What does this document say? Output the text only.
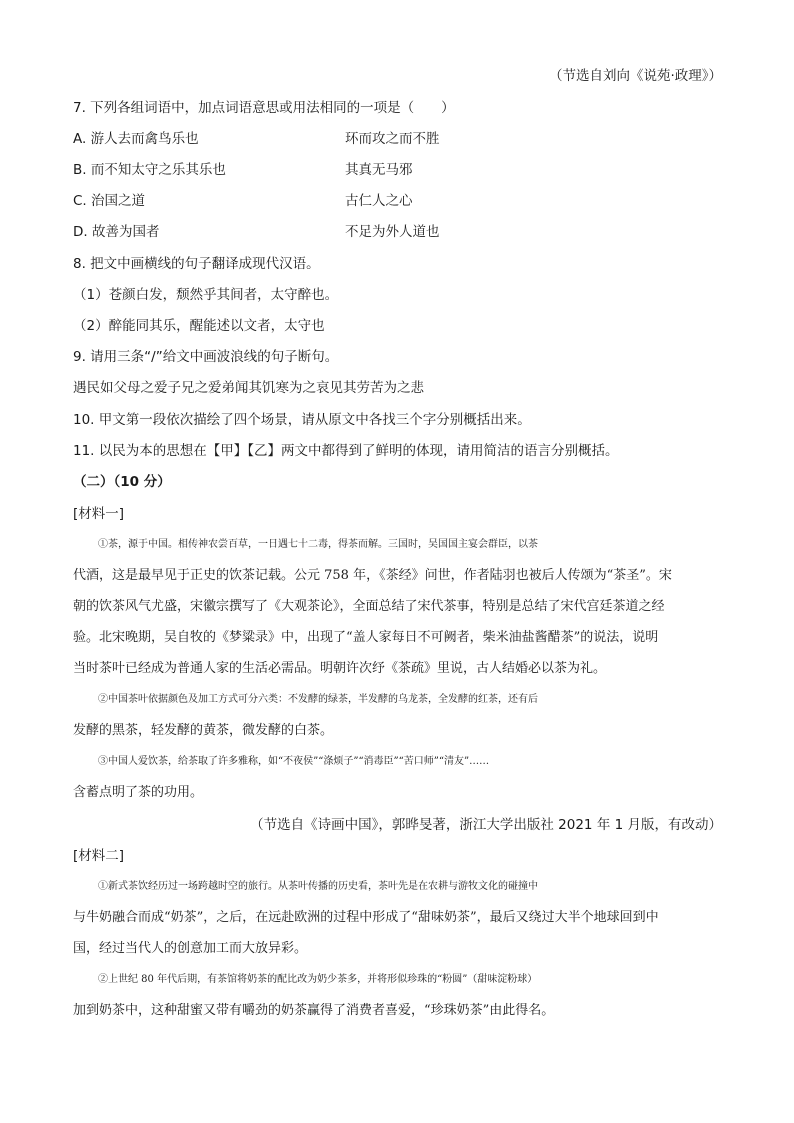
（节选自刘向《说苑·政理》）
7. 下列各组词语中，加点词语意思或用法相同的一项是（　　）
A. 游人去而禽鸟乐也	环而攻之而不胜
B. 而不知太守之乐其乐也	其真无马邪
C. 治国之道	古仁人之心
D. 故善为国者	不足为外人道也
8. 把文中画横线的句子翻译成现代汉语。
（1）苍颜白发，颓然乎其间者，太守醉也。
（2）醉能同其乐，醒能述以文者，太守也
9. 请用三条“/”给文中画波浪线的句子断句。
遇民如父母之爱子兄之爱弟闻其饥寒为之哀见其劳苦为之悲
10. 甲文第一段依次描绘了四个场景，请从原文中各找三个字分别概括出来。
11. 以民为本的思想在【甲】【乙】两文中都得到了鲜明的体现，请用简洁的语言分别概括。
（二）（10 分）
[材料一]
①茶，源于中国。相传神农尝百草，一日遇七十二毒，得茶而解。三国时，吴国国主宴会群臣，以茶
代酒，这是最早见于正史的饮茶记载。公元 758 年，《茶经》问世，作者陆羽也被后人传颂为“茶圣”。宋
朝的饮茶风气尤盛，宋徽宗撰写了《大观茶论》，全面总结了宋代茶事，特别是总结了宋代宫廷茶道之经
验。北宋晚期，吴自牧的《梦粱录》中，出现了“盖人家每日不可阙者，柴米油盐酱醋茶”的说法，说明
当时茶叶已经成为普通人家的生活必需品。明朝许次纾《茶疏》里说，古人结婚必以茶为礼。
②中国茶叶依据颜色及加工方式可分六类：不发酵的绿茶，半发酵的乌龙茶，全发酵的红茶，还有后
发酵的黑茶，轻发酵的黄茶，微发酵的白茶。
③中国人爱饮茶，给茶取了许多雅称，如“不夜侯”“涤烦子”“消毒臣”“苦口师”“清友”……
含蓄点明了茶的功用。
（节选自《诗画中国》，郭晔旻著，浙江大学出版社 2021 年 1 月版，有改动）
[材料二]
①新式茶饮经历过一场跨越时空的旅行。从茶叶传播的历史看，茶叶先是在农耕与游牧文化的碰撞中
与牛奶融合而成“奶茶”，之后，在远赴欧洲的过程中形成了“甜味奶茶”，最后又绕过大半个地球回到中
国，经过当代人的创意加工而大放异彩。
②上世纪 80 年代后期，有茶馆将奶茶的配比改为奶少茶多，并将形似珍珠的“粉圆”（甜味淀粉球）
加到奶茶中，这种甜蜜又带有嚼劲的奶茶赢得了消费者喜爱，“珍珠奶茶”由此得名。
